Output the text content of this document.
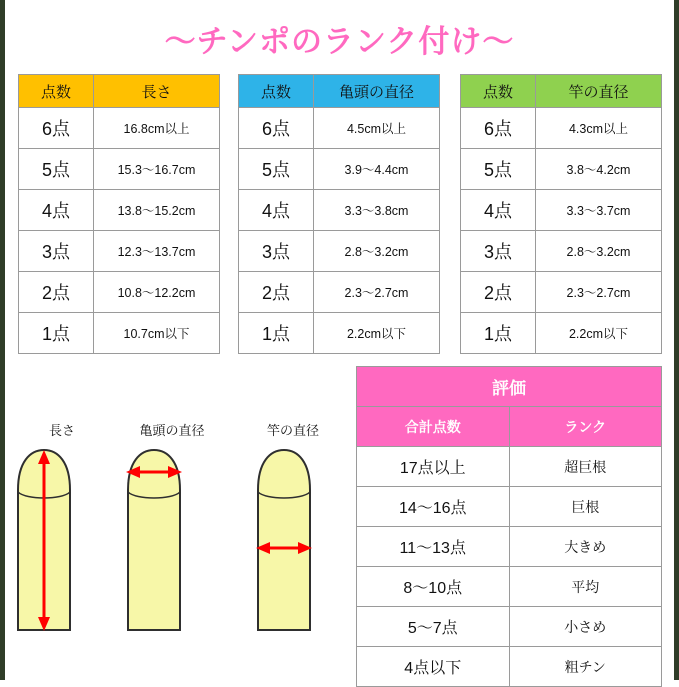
〜チンポのランク付け〜
点数	長さ
6点	16.8cm以上
5点	15.3〜16.7cm
4点	13.8〜15.2cm
3点	12.3〜13.7cm
2点	10.8〜12.2cm
1点	10.7cm以下
点数	亀頭の直径
6点	4.5cm以上
5点	3.9〜4.4cm
4点	3.3〜3.8cm
3点	2.8〜3.2cm
2点	2.3〜2.7cm
1点	2.2cm以下
点数	竿の直径
6点	4.3cm以上
5点	3.8〜4.2cm
4点	3.3〜3.7cm
3点	2.8〜3.2cm
2点	2.3〜2.7cm
1点	2.2cm以下
評価	
合計点数	ランク
17点以上	超巨根
14〜16点	巨根
11〜13点	大きめ
8〜10点	平均
5〜7点	小さめ
4点以下	粗チン
長さ	亀頭の直径	竿の直径
